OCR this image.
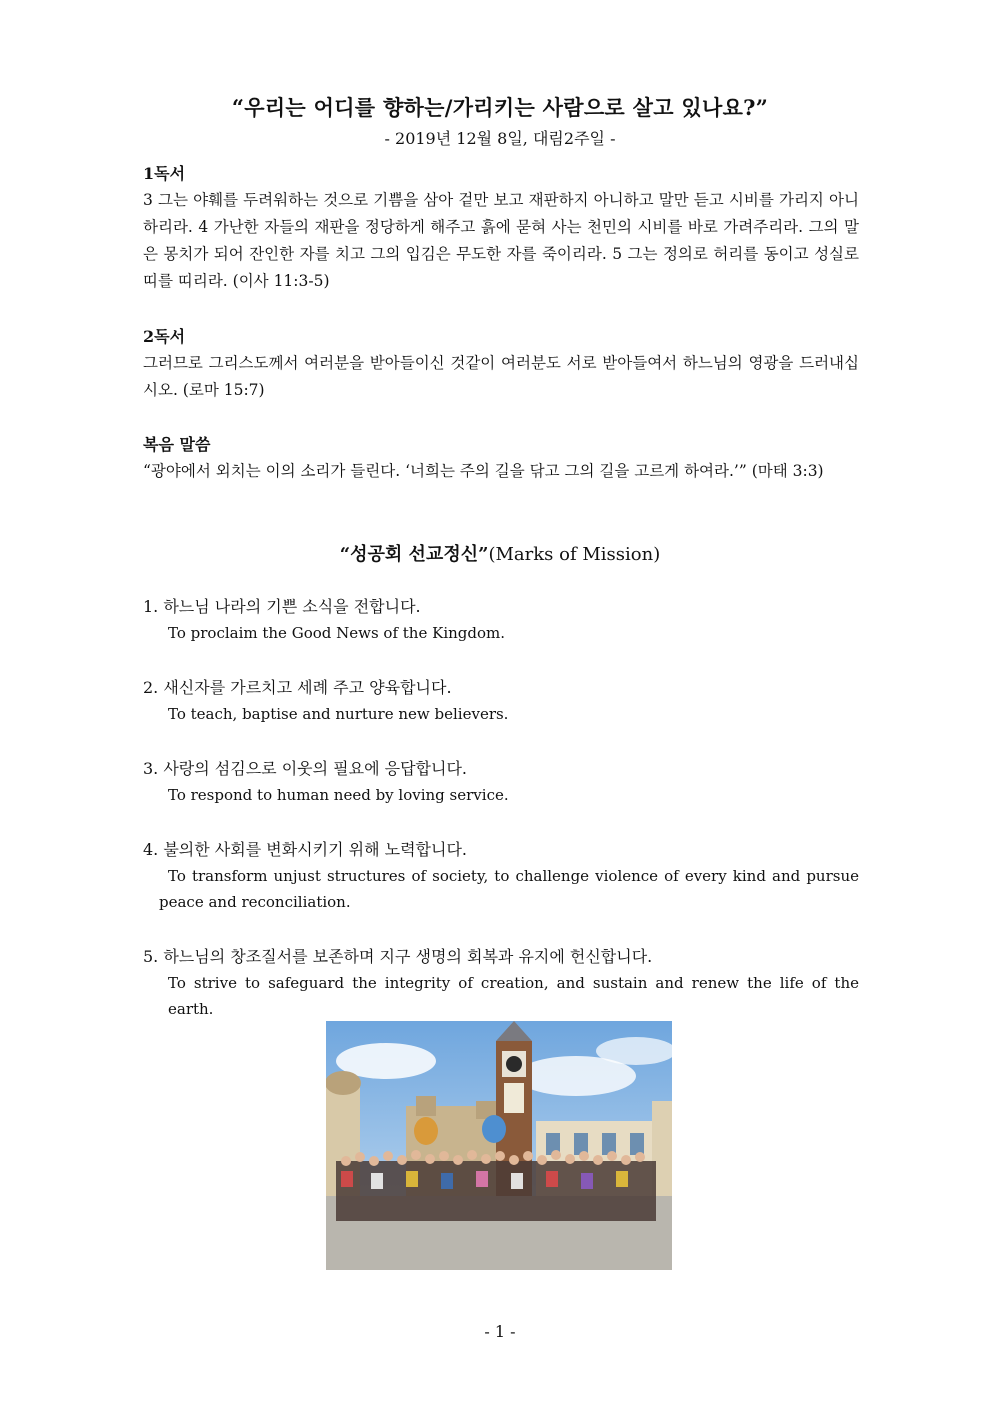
“우리는 어디를 향하는/가리키는 사람으로 살고 있나요?”
- 2019년 12월 8일, 대림2주일 -

1독서

3 그는 야훼를 두려워하는 것으로 기쁨을 삼아 겉만 보고 재판하지 아니하고 말만 듣고 시비를 가리지 아니하리라. 4 가난한 자들의 재판을 정당하게 해주고 흙에 묻혀 사는 천민의 시비를 바로 가려주리라. 그의 말은 몽치가 되어 잔인한 자를 치고 그의 입김은 무도한 자를 죽이리라. 5 그는 정의로 허리를 동이고 성실로 띠를 띠리라. (이사 11:3-5)

2독서

그러므로 그리스도께서 여러분을 받아들이신 것같이 여러분도 서로 받아들여서 하느님의 영광을 드러내십시오. (로마 15:7)

복음 말씀

“광야에서 외치는 이의 소리가 들린다. ‘너희는 주의 길을 닦고 그의 길을 고르게 하여라.’” (마태 3:3)

“성공회 선교정신”(Marks of Mission)

1. 하느님 나라의 기쁜 소식을 전합니다.

To proclaim the Good News of the Kingdom.

2. 새신자를 가르치고 세례 주고 양육합니다.

To teach, baptise and nurture new believers.

3. 사랑의 섬김으로 이웃의 필요에 응답합니다.

To respond to human need by loving service.

4. 불의한 사회를 변화시키기 위해 노력합니다.

To transform unjust structures of society, to challenge violence of every kind and pursue peace and reconciliation.

5. 하느님의 창조질서를 보존하며 지구 생명의 회복과 유지에 헌신합니다.

To strive to safeguard the integrity of creation, and sustain and renew the life of the earth.

- 1 -
